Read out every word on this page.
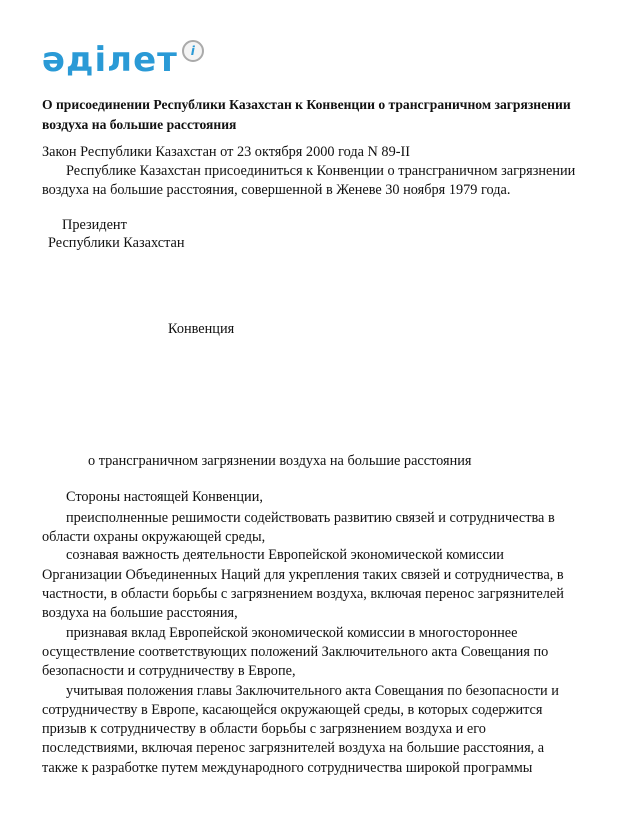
әділет i
О присоединении Республики Казахстан к Конвенции о трансграничном загрязнении
воздуха на большие расстояния
Закон Республики Казахстан от 23 октября 2000 года N 89-II
Республике Казахстан присоединиться к Конвенции о трансграничном загрязнении
воздуха на большие расстояния, совершенной в Женеве 30 ноября 1979 года.
Президент
Республики Казахстан
Конвенция
о трансграничном загрязнении воздуха на большие расстояния
Стороны настоящей Конвенции,
преисполненные решимости содействовать развитию связей и сотрудничества в
области охраны окружающей среды,
сознавая важность деятельности Европейской экономической комиссии
Организации Объединенных Наций для укрепления таких связей и сотрудничества, в
частности, в области борьбы с загрязнением воздуха, включая перенос загрязнителей
воздуха на большие расстояния,
признавая вклад Европейской экономической комиссии в многостороннее
осуществление соответствующих положений Заключительного акта Совещания по
безопасности и сотрудничеству в Европе,
учитывая положения главы Заключительного акта Совещания по безопасности и
сотрудничеству в Европе, касающейся окружающей среды, в которых содержится
призыв к сотрудничеству в области борьбы с загрязнением воздуха и его
последствиями, включая перенос загрязнителей воздуха на большие расстояния, а
также к разработке путем международного сотрудничества широкой программы
